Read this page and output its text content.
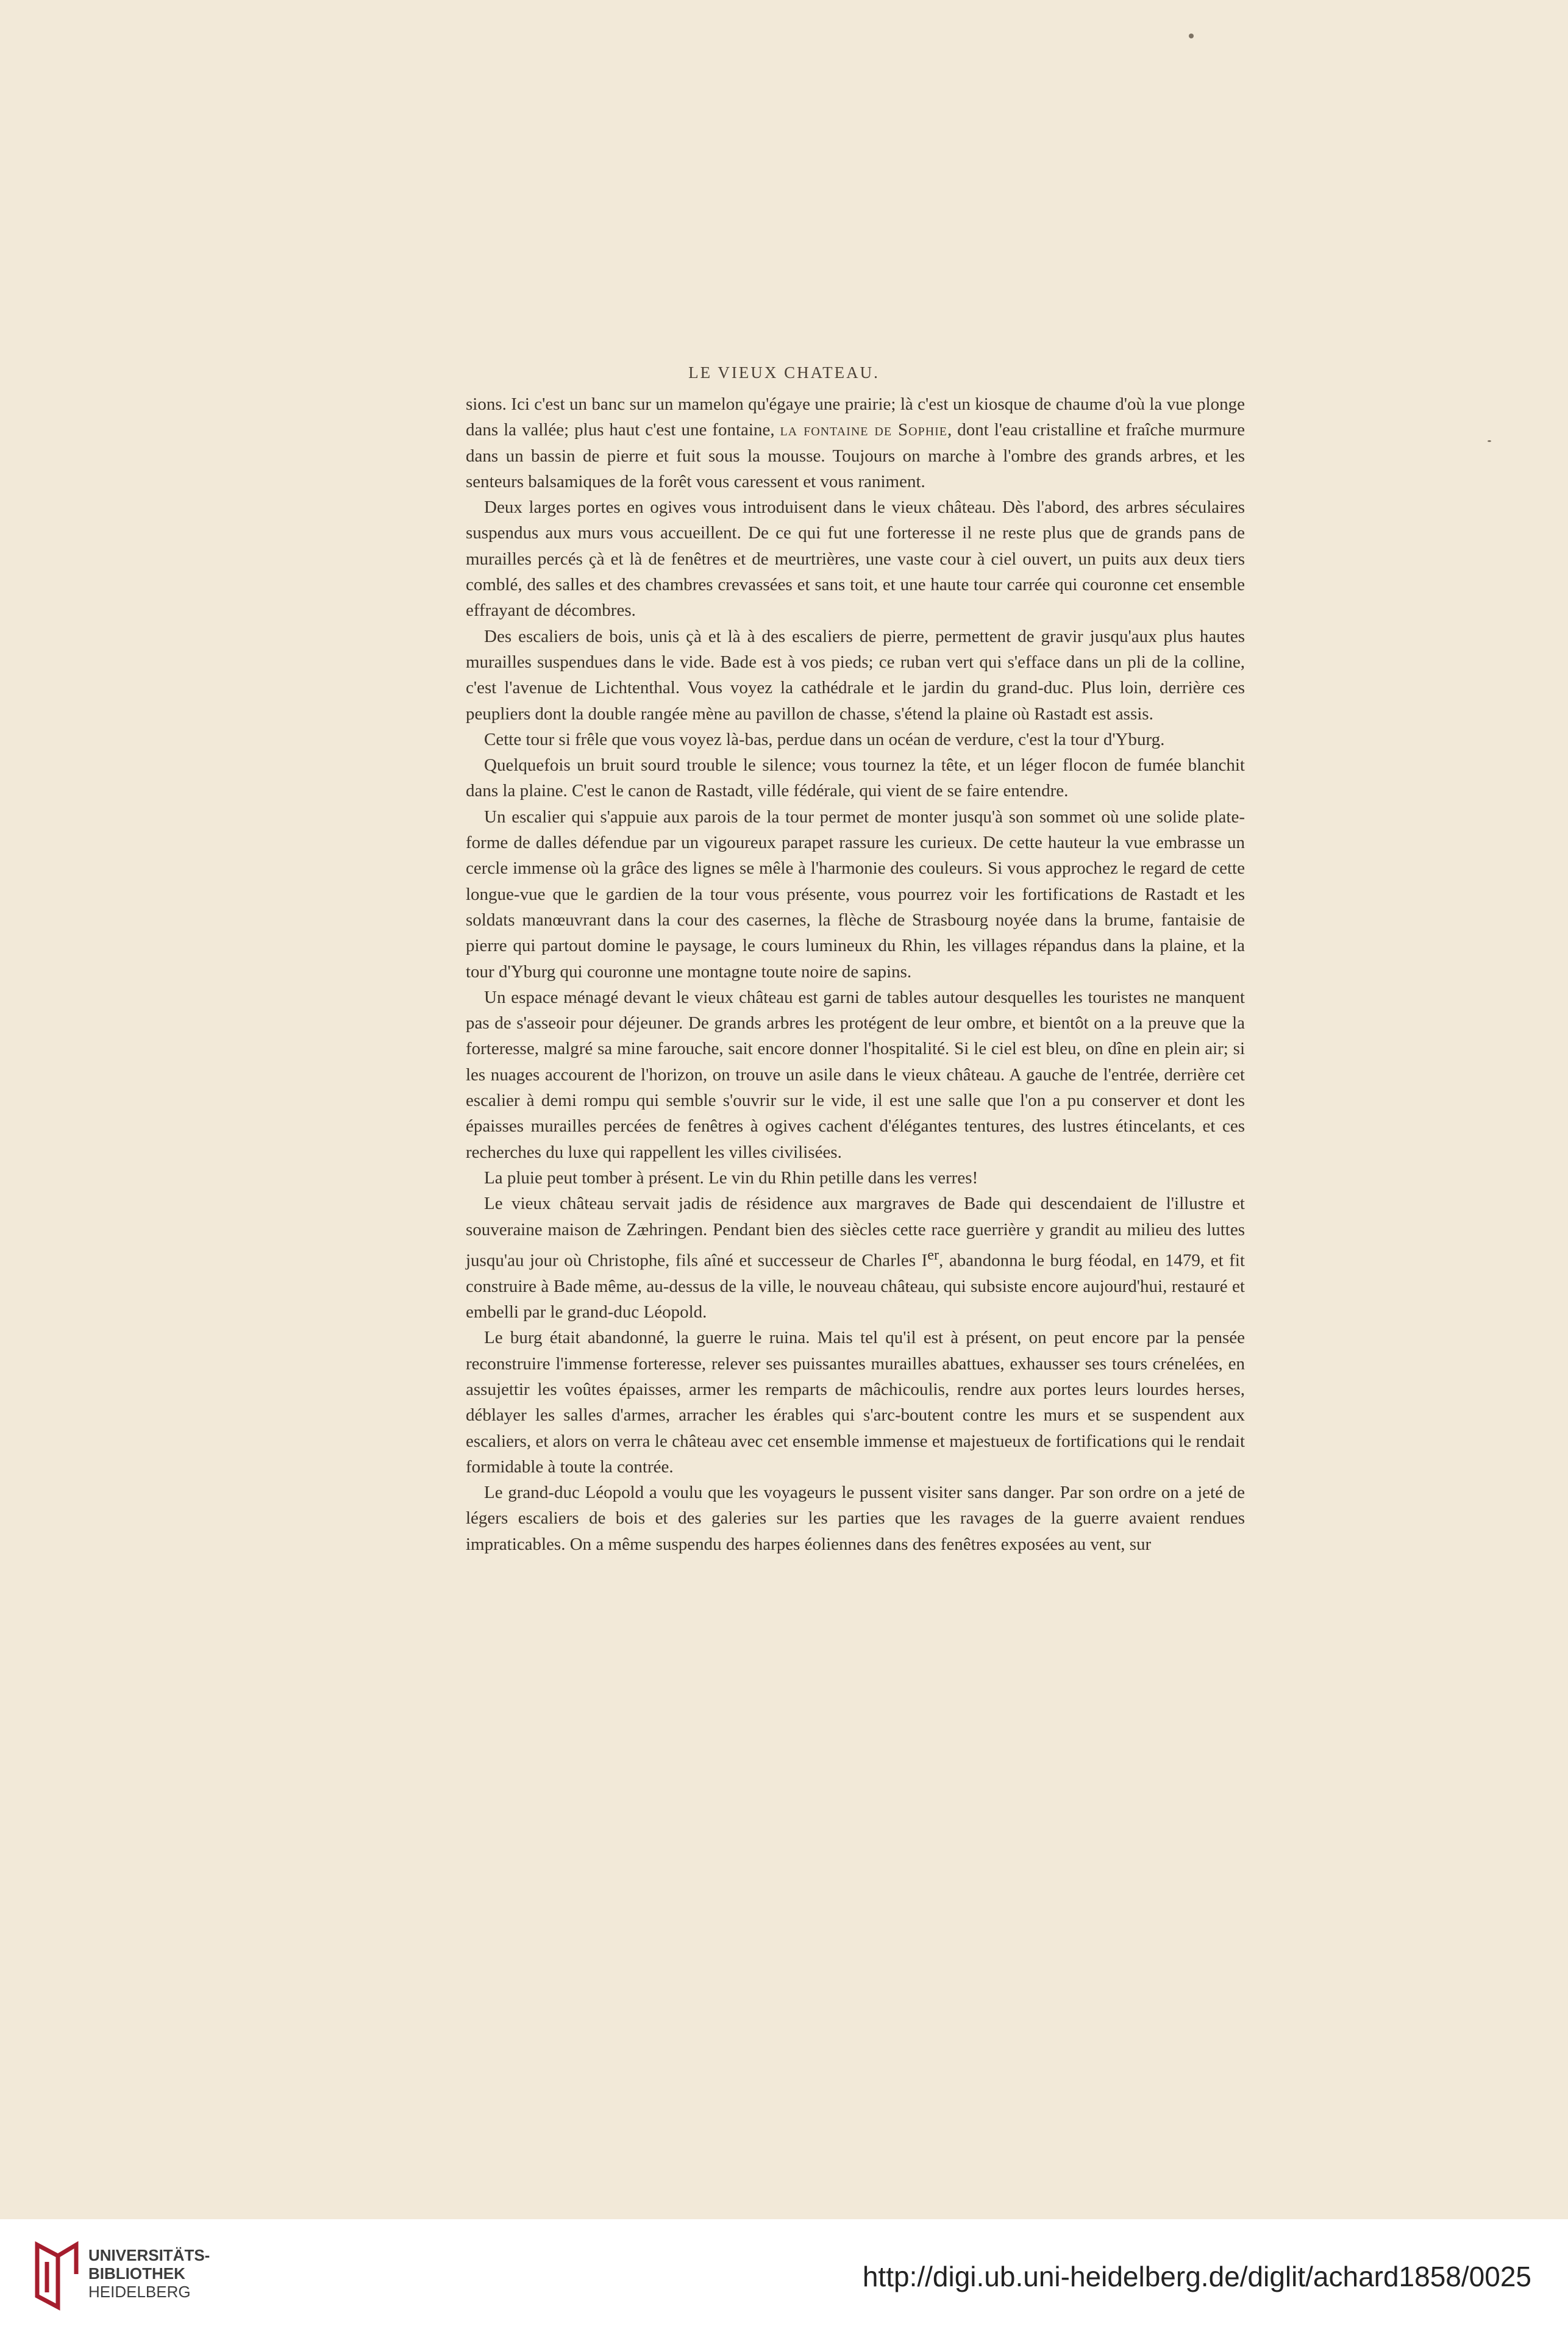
LE VIEUX CHATEAU.

sions. Ici c'est un banc sur un mamelon qu'égaye une prairie; là c'est un kiosque de chaume d'où la vue plonge dans la vallée; plus haut c'est une fontaine, la fontaine de Sophie, dont l'eau cristalline et fraîche murmure dans un bassin de pierre et fuit sous la mousse. Toujours on marche à l'ombre des grands arbres, et les senteurs balsamiques de la forêt vous caressent et vous raniment.

Deux larges portes en ogives vous introduisent dans le vieux château. Dès l'abord, des arbres séculaires suspendus aux murs vous accueillent. De ce qui fut une forteresse il ne reste plus que de grands pans de murailles percés çà et là de fenêtres et de meurtrières, une vaste cour à ciel ouvert, un puits aux deux tiers comblé, des salles et des chambres crevassées et sans toit, et une haute tour carrée qui couronne cet ensemble effrayant de décombres.

Des escaliers de bois, unis çà et là à des escaliers de pierre, permettent de gravir jusqu'aux plus hautes murailles suspendues dans le vide. Bade est à vos pieds; ce ruban vert qui s'efface dans un pli de la colline, c'est l'avenue de Lichtenthal. Vous voyez la cathédrale et le jardin du grand-duc. Plus loin, derrière ces peupliers dont la double rangée mène au pavillon de chasse, s'étend la plaine où Rastadt est assis.

Cette tour si frêle que vous voyez là-bas, perdue dans un océan de verdure, c'est la tour d'Yburg.

Quelquefois un bruit sourd trouble le silence; vous tournez la tête, et un léger flocon de fumée blanchit dans la plaine. C'est le canon de Rastadt, ville fédérale, qui vient de se faire entendre.

Un escalier qui s'appuie aux parois de la tour permet de monter jusqu'à son sommet où une solide plate-forme de dalles défendue par un vigoureux parapet rassure les curieux. De cette hauteur la vue embrasse un cercle immense où la grâce des lignes se mêle à l'harmonie des couleurs. Si vous approchez le regard de cette longue-vue que le gardien de la tour vous présente, vous pourrez voir les fortifications de Rastadt et les soldats manœuvrant dans la cour des casernes, la flèche de Strasbourg noyée dans la brume, fantaisie de pierre qui partout domine le paysage, le cours lumineux du Rhin, les villages répandus dans la plaine, et la tour d'Yburg qui couronne une montagne toute noire de sapins.

Un espace ménagé devant le vieux château est garni de tables autour desquelles les touristes ne manquent pas de s'asseoir pour déjeuner. De grands arbres les protégent de leur ombre, et bientôt on a la preuve que la forteresse, malgré sa mine farouche, sait encore donner l'hospitalité. Si le ciel est bleu, on dîne en plein air; si les nuages accourent de l'horizon, on trouve un asile dans le vieux château. A gauche de l'entrée, derrière cet escalier à demi rompu qui semble s'ouvrir sur le vide, il est une salle que l'on a pu conserver et dont les épaisses murailles percées de fenêtres à ogives cachent d'élégantes tentures, des lustres étincelants, et ces recherches du luxe qui rappellent les villes civilisées.

La pluie peut tomber à présent. Le vin du Rhin petille dans les verres!

Le vieux château servait jadis de résidence aux margraves de Bade qui descendaient de l'illustre et souveraine maison de Zæhringen. Pendant bien des siècles cette race guerrière y grandit au milieu des luttes jusqu'au jour où Christophe, fils aîné et successeur de Charles Ier, abandonna le burg féodal, en 1479, et fit construire à Bade même, au-dessus de la ville, le nouveau château, qui subsiste encore aujourd'hui, restauré et embelli par le grand-duc Léopold.

Le burg était abandonné, la guerre le ruina. Mais tel qu'il est à présent, on peut encore par la pensée reconstruire l'immense forteresse, relever ses puissantes murailles abattues, exhausser ses tours crénelées, en assujettir les voûtes épaisses, armer les remparts de mâchicoulis, rendre aux portes leurs lourdes herses, déblayer les salles d'armes, arracher les érables qui s'arc-boutent contre les murs et se suspendent aux escaliers, et alors on verra le château avec cet ensemble immense et majestueux de fortifications qui le rendait formidable à toute la contrée.

Le grand-duc Léopold a voulu que les voyageurs le pussent visiter sans danger. Par son ordre on a jeté de légers escaliers de bois et des galeries sur les parties que les ravages de la guerre avaient rendues impraticables. On a même suspendu des harpes éoliennes dans des fenêtres exposées au vent, sur

UNIVERSITÄTS-
BIBLIOTHEK
HEIDELBERG	http://digi.ub.uni-heidelberg.de/diglit/achard1858/0025
